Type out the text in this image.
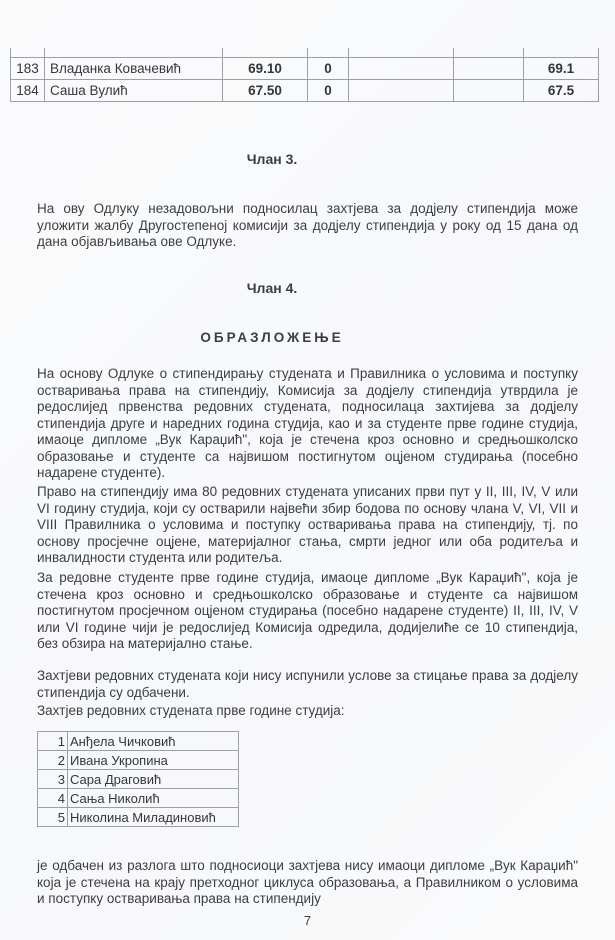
183	Владанка Ковачевић	69.10	0			69.1
184	Саша Вулић	67.50	0			67.5
Члан 3.

На ову Одлуку незадовољни подносилац захтјева за додјелу стипендија може уложити жалбу Другостепеној комисији за додјелу стипендија у року од 15 дана од дана објављивања ове Одлуке.

Члан 4.
ОБРАЗЛОЖЕЊЕ

На основу Одлуке о стипендирању студената и Правилника о условима и поступку остваривања права на стипендију, Комисија за додјелу стипендија утврдила је редослијед првенства редовних студената, подносилаца захтијева за додјелу стипендија друге и наредних година студија, као и за студенте прве године студија, имаоце дипломе „Вук Караџић", која је стечена кроз основно и средњошколско образовање и студенте са највишом постигнутом оцјеном студирања (посебно надарене студенте).

Право на стипендију има 80 редовних студената уписаних први пут у II, III, IV, V или VI годину студија, који су остварили највећи збир бодова по основу члана V, VI, VII и VIII Правилника о условима и поступку остваривања права на стипендију, тј. по основу просјечне оцјене, материјалног стања, смрти једног или оба родитеља и инвалидности студента или родитеља.

За редовне студенте прве године студија, имаоце дипломе „Вук Караџић", која је стечена кроз основно и средњошколско образовање и студенте са највишом постигнутом просјечном оцјеном студирања (посебно надарене студенте) II, III, IV, V или VI године чији је редослијед Комисија одредила, додијелиће се 10 стипендија, без обзира на материјално стање.

Захтјеви редовних студената који нису испунили услове за стицање права за додјелу стипендија су одбачени.

Захтјев редовних студената прве године студија:

1	Анђела Чичковић
2	Ивана Укропина
3	Сара Драговић
4	Сања Николић
5	Николина Миладиновић

је одбачен из разлога што подносиоци захтјева нису имаоци дипломе „Вук Караџић" која је стечена на крају претходног циклуса образовања, а Правилником о условима и поступку остваривања права на стипендију

7
